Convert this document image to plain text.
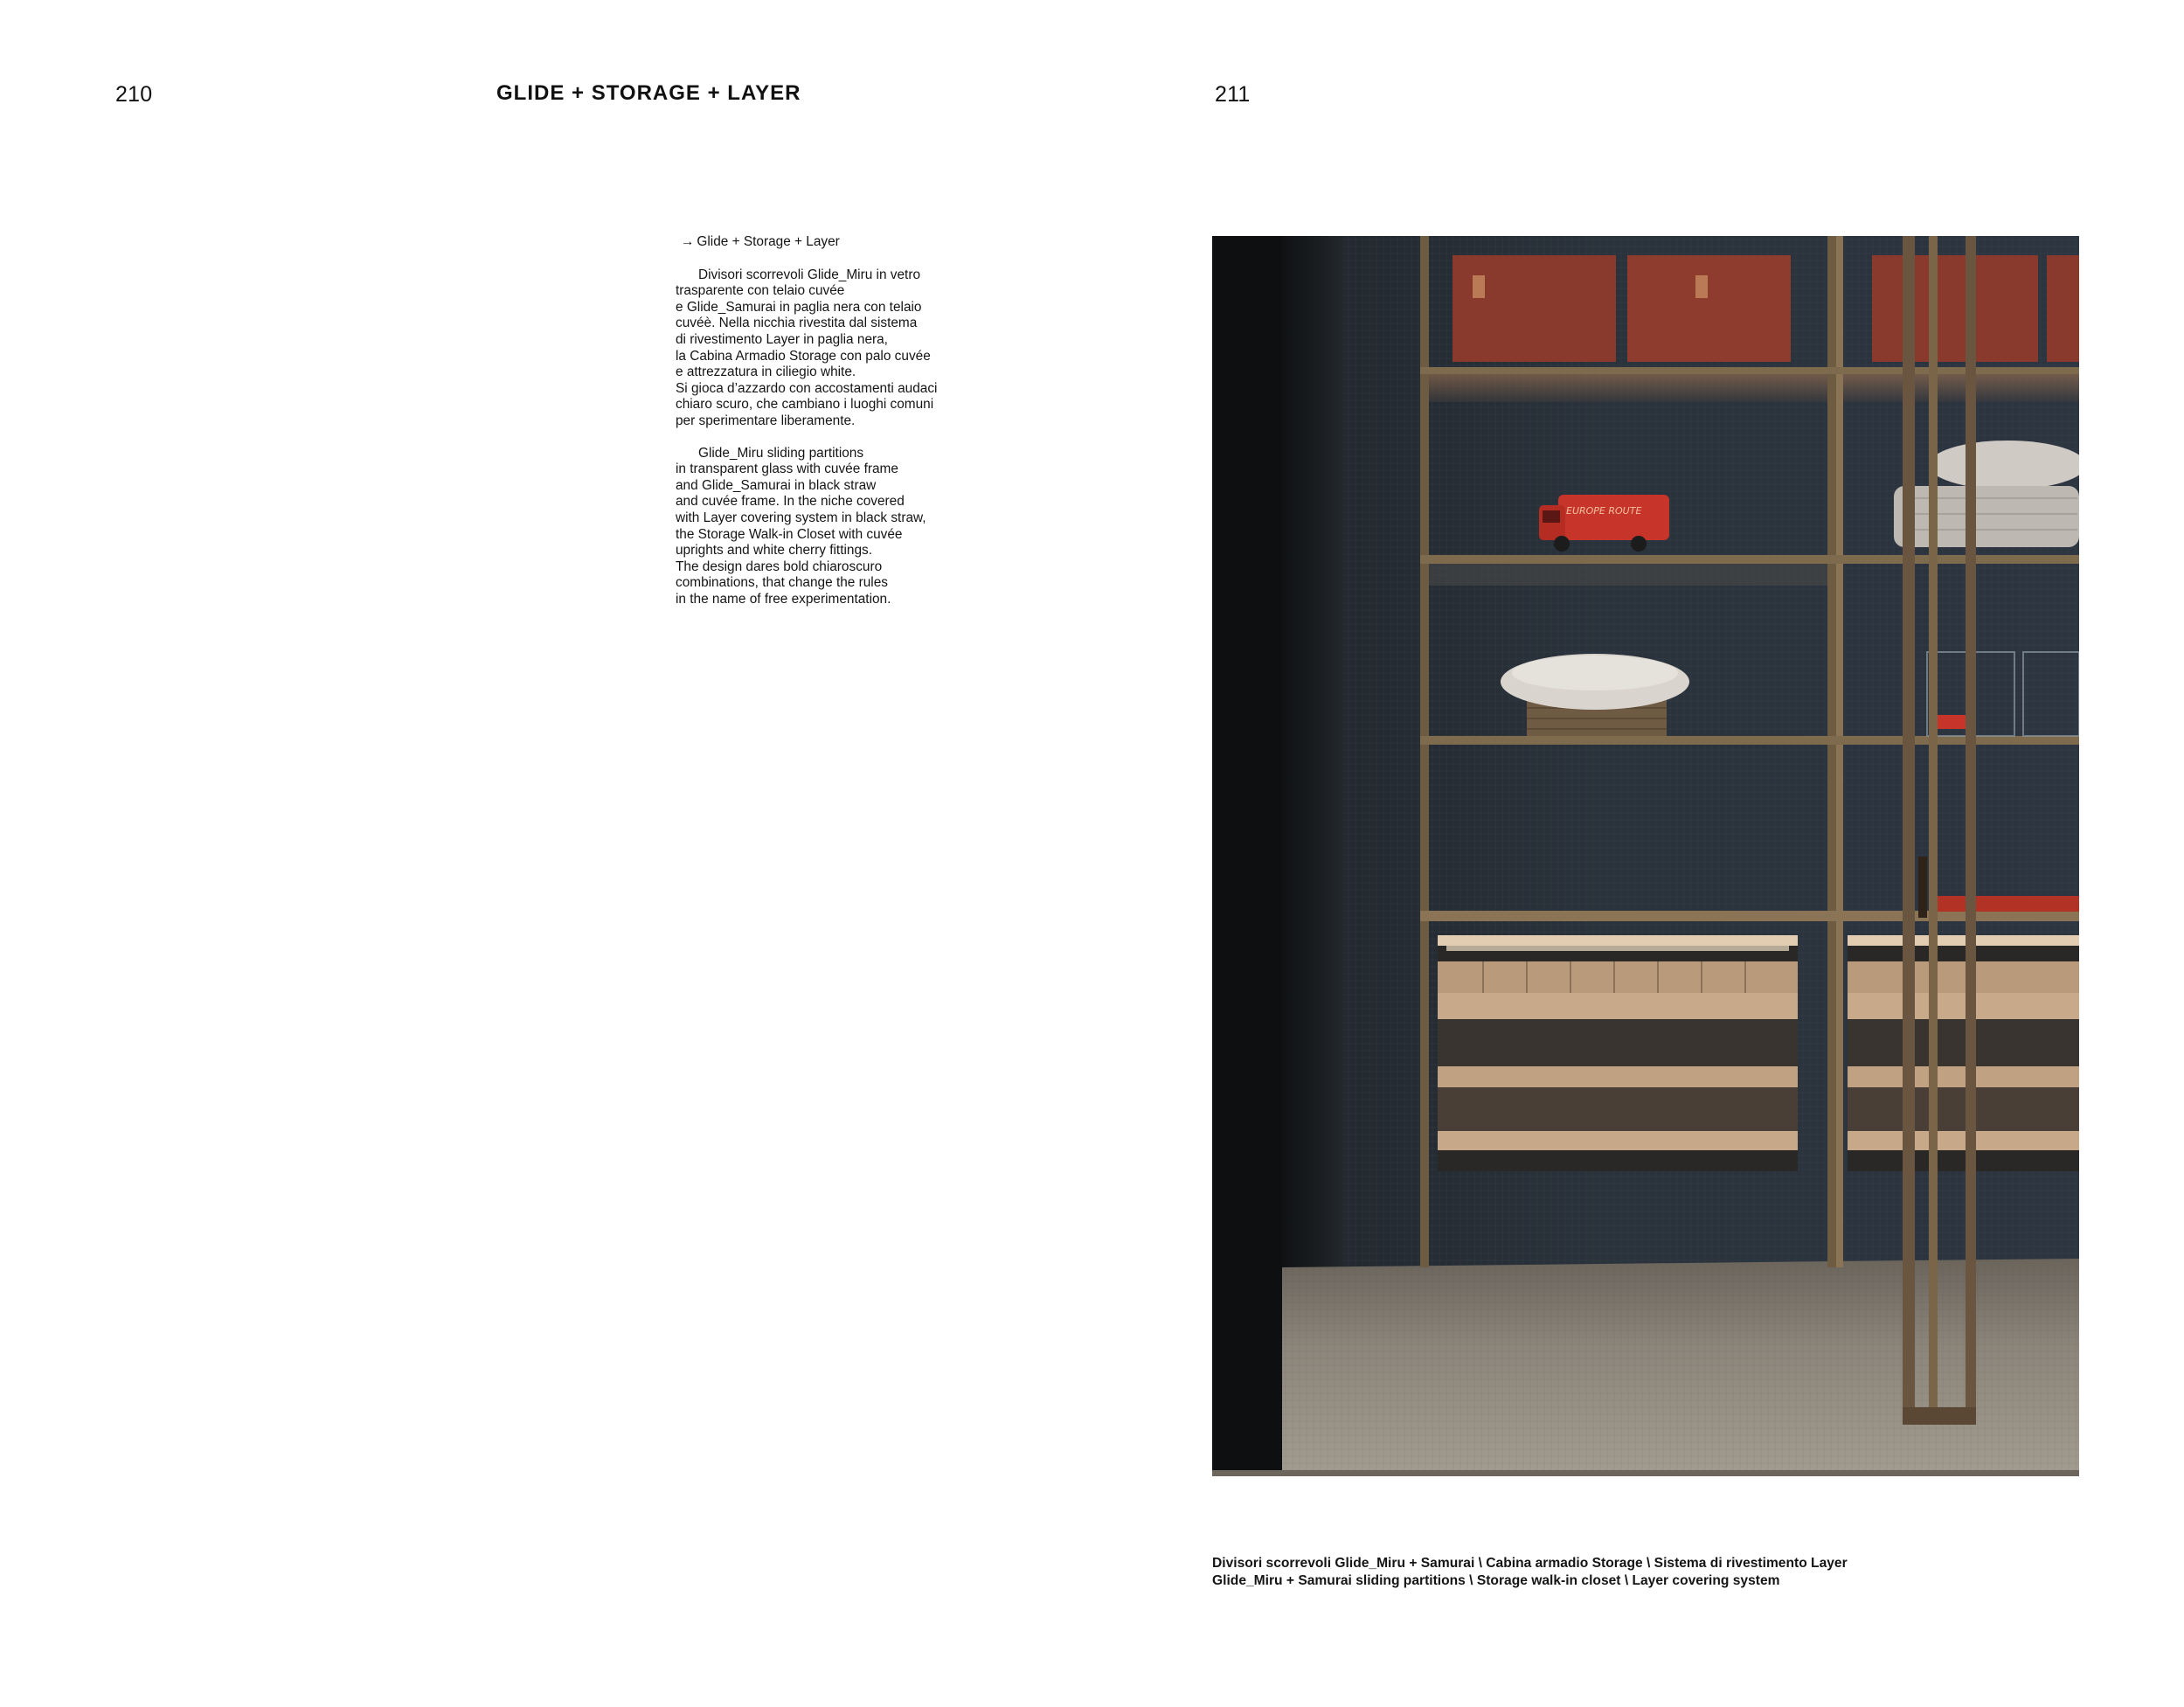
210	GLIDE + STORAGE + LAYER	211
→ Glide + Storage + Layer
Divisori scorrevoli Glide_Miru in vetro
trasparente con telaio cuvée
e Glide_Samurai in paglia nera con telaio
cuvéè. Nella nicchia rivestita dal sistema
di rivestimento Layer in paglia nera,
la Cabina Armadio Storage con palo cuvée
e attrezzatura in ciliegio white.
Si gioca d’azzardo con accostamenti audaci
chiaro scuro, che cambiano i luoghi comuni
per sperimentare liberamente.
Glide_Miru sliding partitions
in transparent glass with cuvée frame
and Glide_Samurai in black straw
and cuvée frame. In the niche covered
with Layer covering system in black straw,
the Storage Walk-in Closet with cuvée
uprights and white cherry fittings.
The design dares bold chiaroscuro
combinations, that change the rules
in the name of free experimentation.
EUROPE ROUTE
Divisori scorrevoli Glide_Miru + Samurai \ Cabina armadio Storage \ Sistema di rivestimento Layer
Glide_Miru + Samurai sliding partitions \ Storage walk-in closet \ Layer covering system
